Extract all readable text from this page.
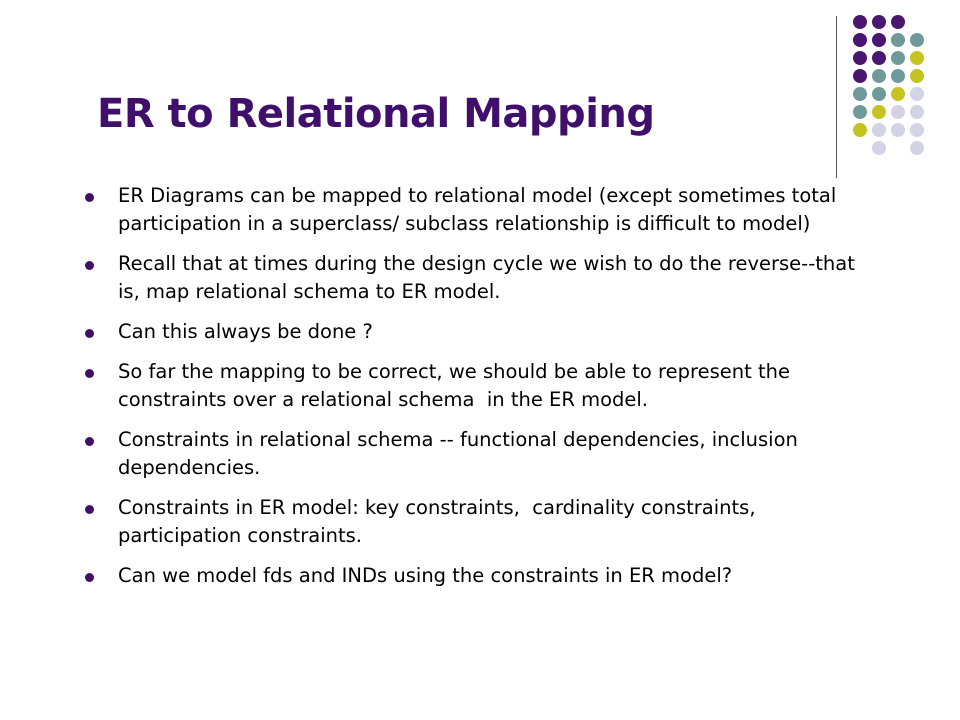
ER to Relational Mapping
ER Diagrams can be mapped to relational model (except sometimes total participation in a superclass/ subclass relationship is difficult to model)
Recall that at times during the design cycle we wish to do the reverse--that  is, map relational schema to ER model.
Can this always be done ?
So far the mapping to be correct, we should be able to represent the constraints over a relational schema  in the ER model.
Constraints in relational schema -- functional dependencies, inclusion dependencies.
Constraints in ER model: key constraints,  cardinality constraints, participation constraints.
Can we model fds and INDs using the constraints in ER model?
